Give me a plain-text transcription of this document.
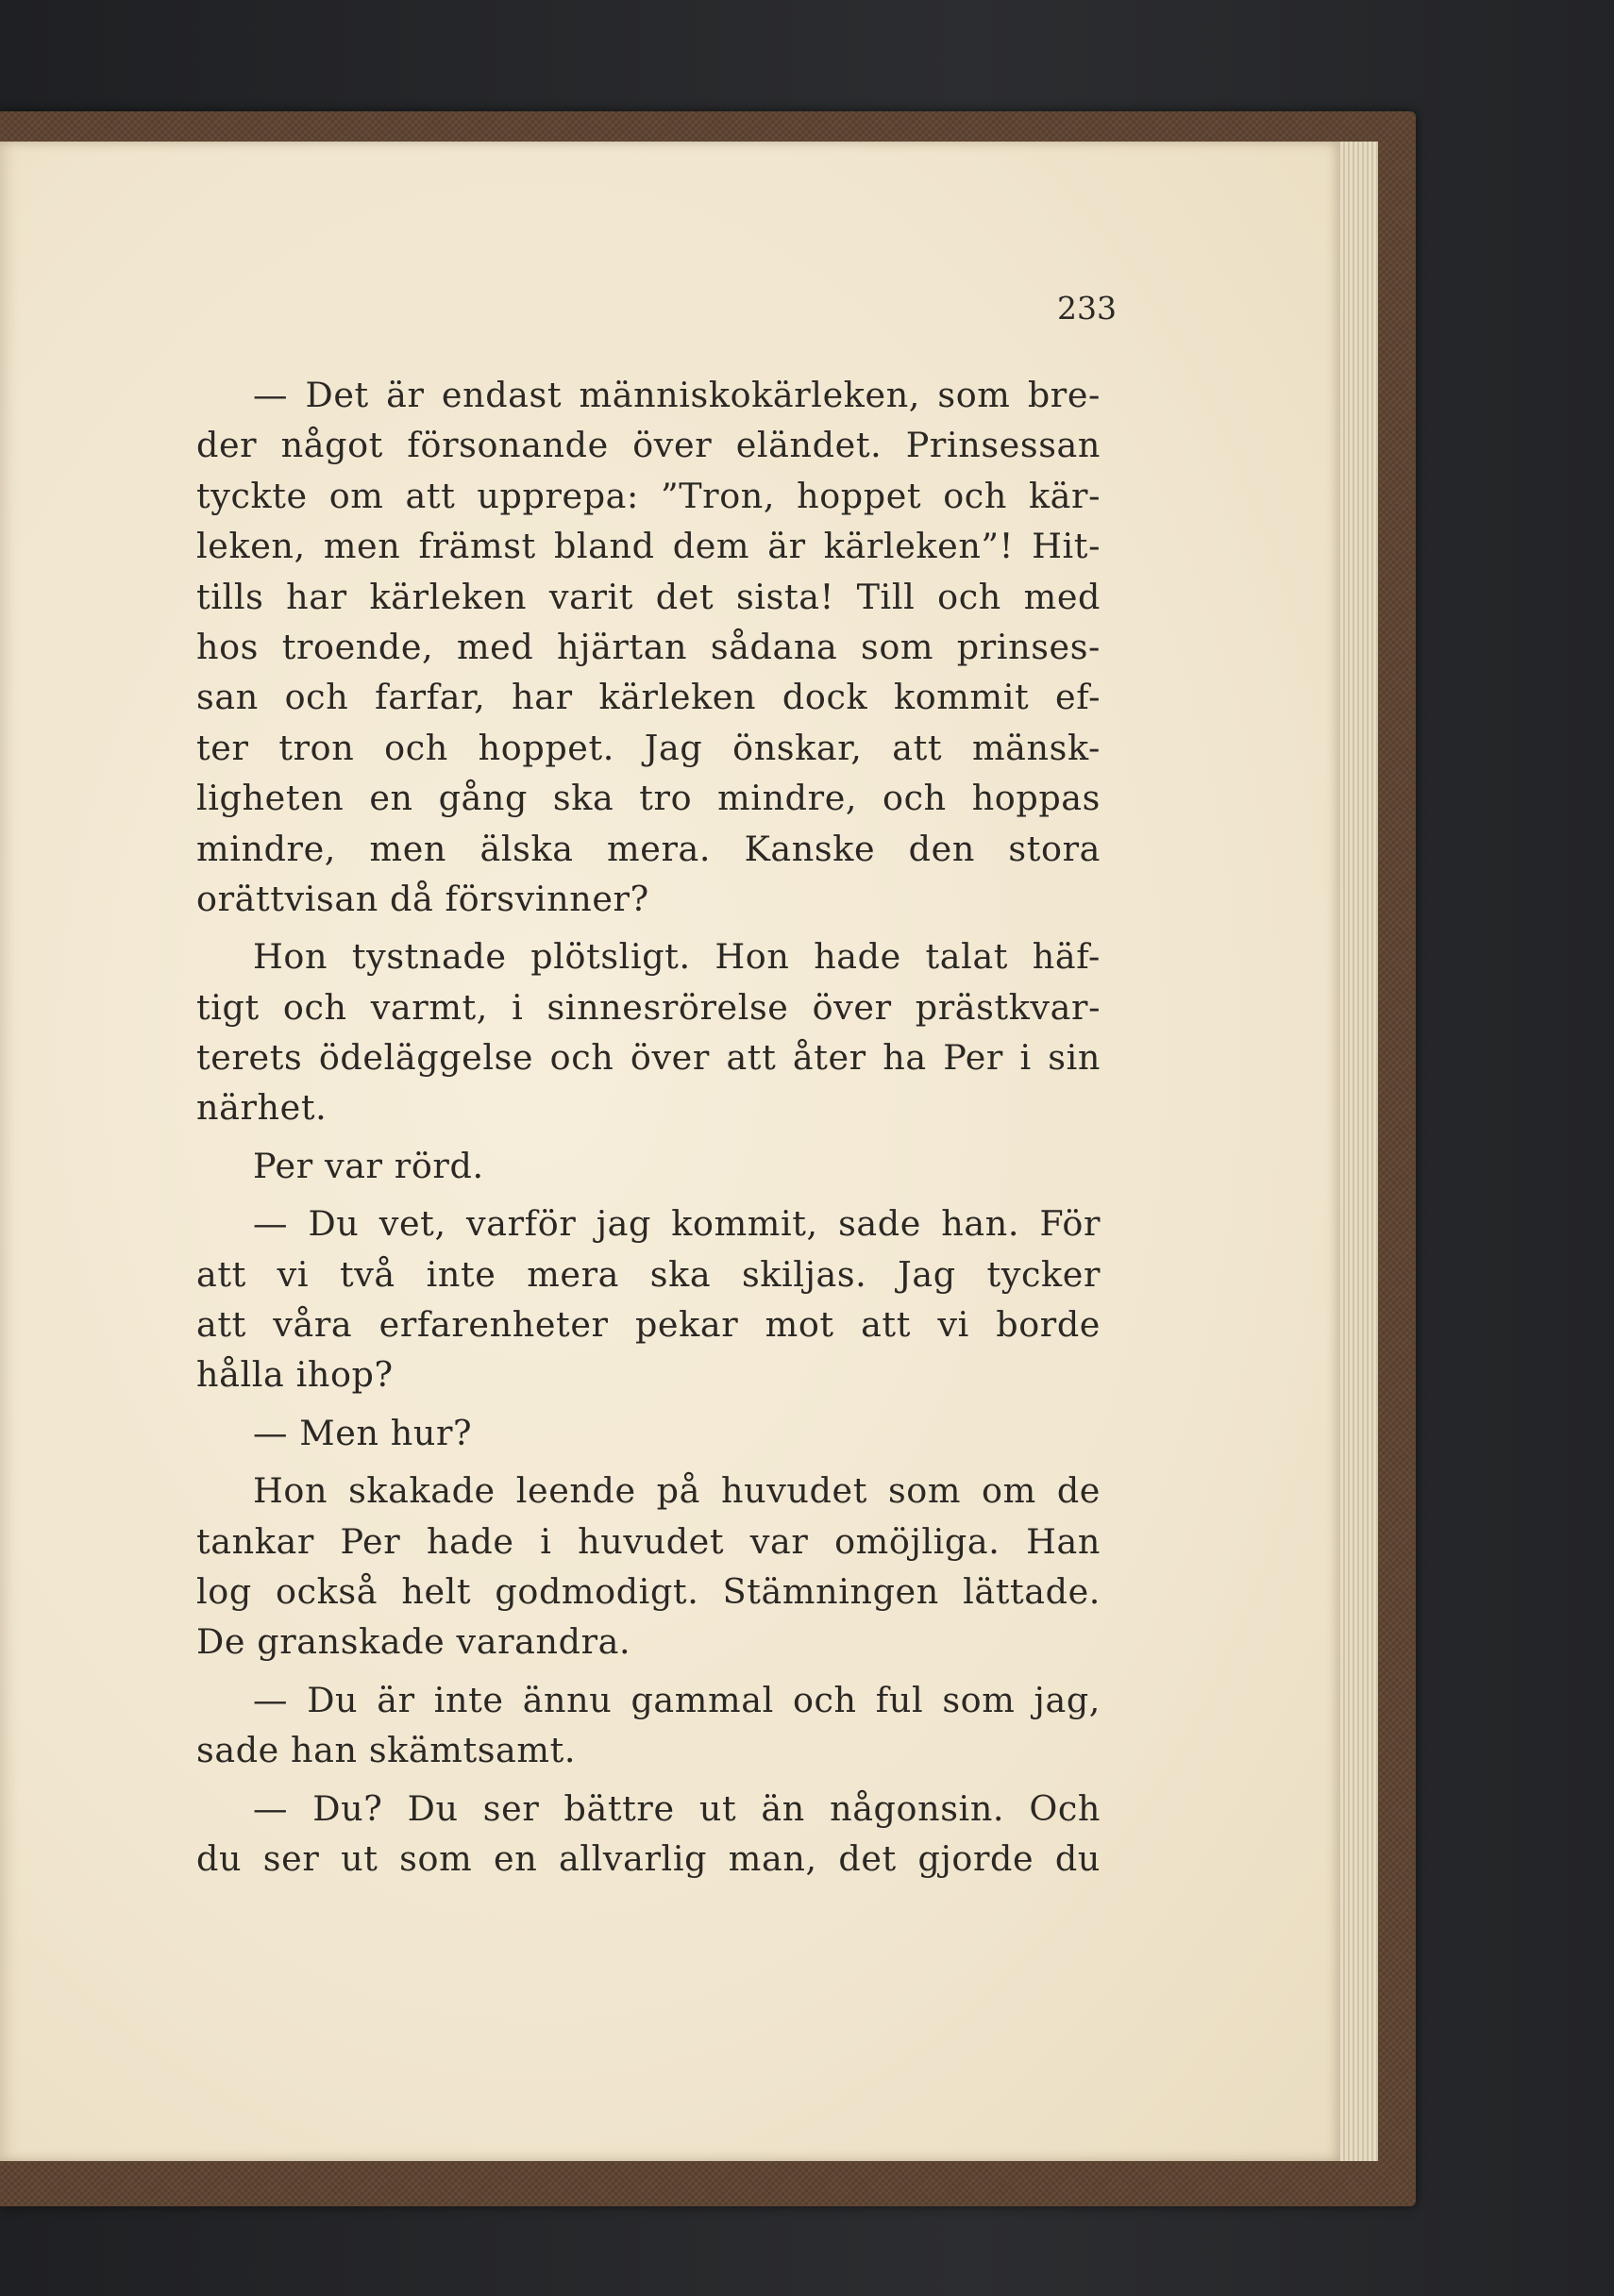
233

— Det är endast människokärleken, som bre-
der något försonande över eländet. Prinsessan
tyckte om att upprepa: ”Tron, hoppet och kär-
leken, men främst bland dem är kärleken”! Hit-
tills har kärleken varit det sista! Till och med
hos troende, med hjärtan sådana som prinses-
san och farfar, har kärleken dock kommit ef-
ter tron och hoppet. Jag önskar, att mänsk-
ligheten en gång ska tro mindre, och hoppas
mindre, men älska mera. Kanske den stora
orättvisan då försvinner?

Hon tystnade plötsligt. Hon hade talat häf-
tigt och varmt, i sinnesrörelse över prästkvar-
terets ödeläggelse och över att åter ha Per i sin
närhet.

Per var rörd.

— Du vet, varför jag kommit, sade han. För
att vi två inte mera ska skiljas. Jag tycker
att våra erfarenheter pekar mot att vi borde
hålla ihop?

— Men hur?

Hon skakade leende på huvudet som om de
tankar Per hade i huvudet var omöjliga. Han
log också helt godmodigt. Stämningen lättade.
De granskade varandra.

— Du är inte ännu gammal och ful som jag,
sade han skämtsamt.

— Du? Du ser bättre ut än någonsin. Och
du ser ut som en allvarlig man, det gjorde du
